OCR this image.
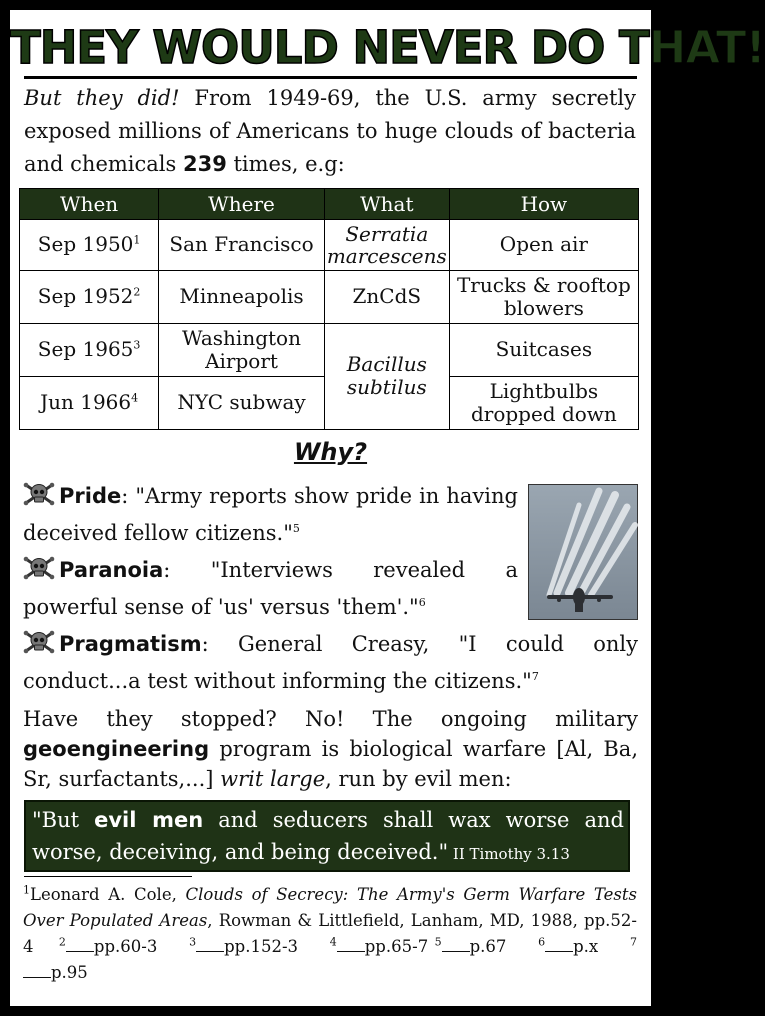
THEY WOULD NEVER DO THAT!

But they did! From 1949-69, the U.S. army secretly exposed millions of Americans to huge clouds of bacteria and chemicals 239 times, e.g:

When	Where	What	How
Sep 1950$^1$	San Francisco	Serratia marcescens	Open air
Sep 1952$^2$	Minneapolis	ZnCdS	Trucks & rooftop blowers
Sep 1965$^3$	Washington Airport	Bacillus subtilus	Suitcases
Jun 1966$^4$	NYC subway		Lightbulbs dropped down
Why?

Pride: "Army reports show pride in having deceived fellow citizens."$^5$

Paranoia: "Interviews revealed a powerful sense of 'us' versus 'them'."$^6$

Pragmatism: General Creasy, "I could only conduct...a test without informing the citizens."$^7$

Have they stopped? No! The ongoing military geoengineering program is biological warfare [Al, Ba, Sr, surfactants,...] writ large, run by evil men:

"But evil men and seducers shall wax worse and worse, deceiving, and being deceived." II Timothy 3.13

$^1$Leonard A. Cole, Clouds of Secrecy: The Army's Germ Warfare Tests Over Populated Areas, Rowman & Littlefield, Lanham, MD, 1988, pp.52-4 $^2$ pp.60-3	$^3$ pp.152-3	$^4$ pp.65-7 $^5$ p.67	$^6$ p.x	$^7$p.95
